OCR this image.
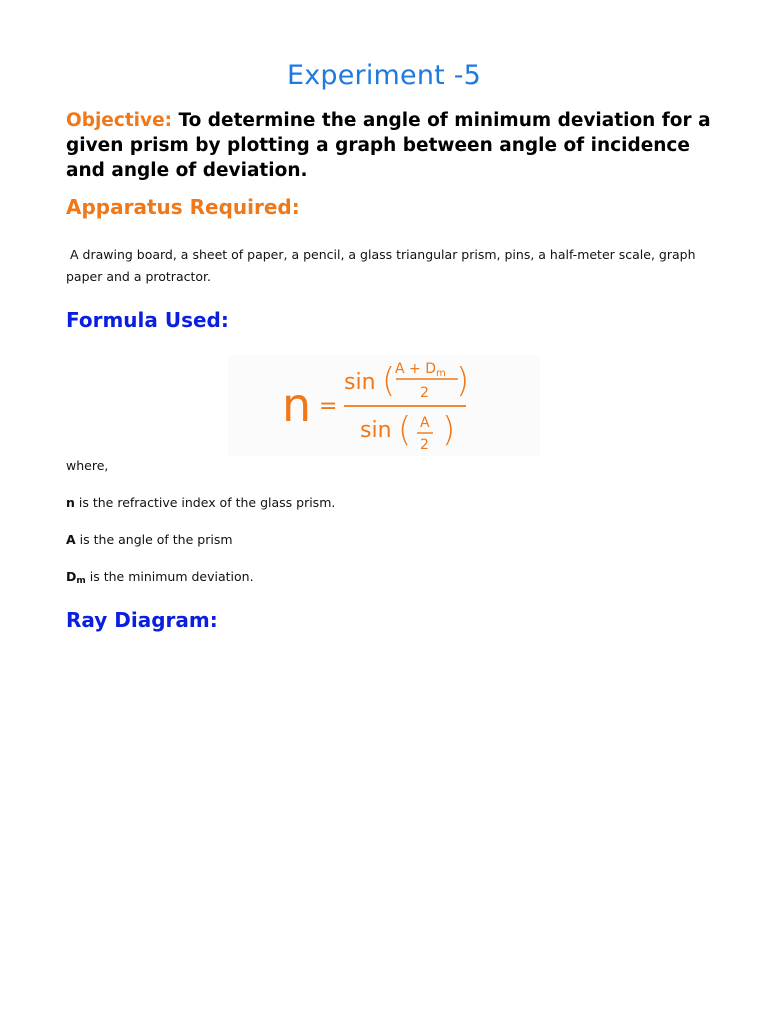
Experiment -5
Objective: To determine the angle of minimum deviation for a given prism by plotting a graph between angle of incidence and angle of deviation.
Apparatus Required:
A drawing board, a sheet of paper, a pencil, a glass triangular prism, pins, a half-meter scale, graph paper and a protractor.
Formula Used:
n =
sin ( $A + D_m$
2 )
sin ( A
2 )
where,
n is the refractive index of the glass prism.
A is the angle of the prism
$D_m$ is the minimum deviation.
Ray Diagram:
